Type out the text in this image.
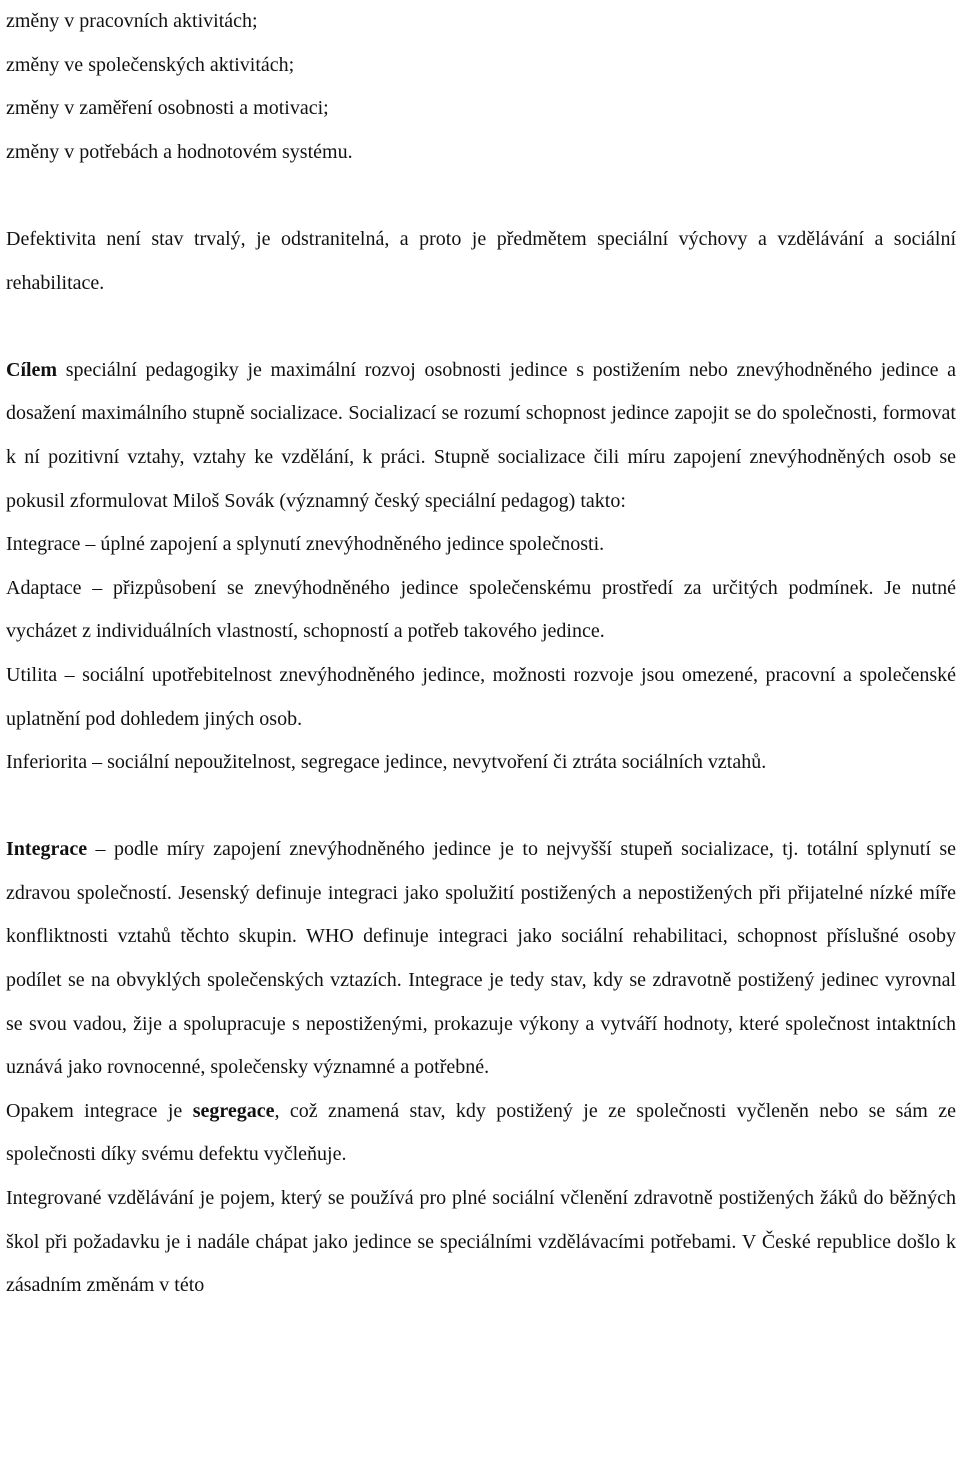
změny v pracovních aktivitách;
změny ve společenských aktivitách;
změny v zaměření osobnosti a motivaci;
změny v potřebách a hodnotovém systému.

Defektivita není stav trvalý, je odstranitelná, a proto je předmětem speciální výchovy a vzdělávání a sociální rehabilitace.

Cílem speciální pedagogiky je maximální rozvoj osobnosti jedince s postižením nebo znevýhodněného jedince a dosažení maximálního stupně socializace. Socializací se rozumí schopnost jedince zapojit se do společnosti, formovat k ní pozitivní vztahy, vztahy ke vzdělání, k práci. Stupně socializace čili míru zapojení znevýhodněných osob se pokusil zformulovat Miloš Sovák (významný český speciální pedagog) takto:

Integrace – úplné zapojení a splynutí znevýhodněného jedince společnosti.

Adaptace – přizpůsobení se znevýhodněného jedince společenskému prostředí za určitých podmínek. Je nutné vycházet z individuálních vlastností, schopností a potřeb takového jedince.

Utilita – sociální upotřebitelnost znevýhodněného jedince, možnosti rozvoje jsou omezené, pracovní a společenské uplatnění pod dohledem jiných osob.

Inferiorita – sociální nepoužitelnost, segregace jedince, nevytvoření či ztráta sociálních vztahů.

Integrace – podle míry zapojení znevýhodněného jedince je to nejvyšší stupeň socializace, tj. totální splynutí se zdravou společností. Jesenský definuje integraci jako spolužití postižených a nepostižených při přijatelné nízké míře konfliktnosti vztahů těchto skupin. WHO definuje integraci jako sociální rehabilitaci, schopnost příslušné osoby podílet se na obvyklých společenských vztazích. Integrace je tedy stav, kdy se zdravotně postižený jedinec vyrovnal se svou vadou, žije a spolupracuje s nepostiženými, prokazuje výkony a vytváří hodnoty, které společnost intaktních uznává jako rovnocenné, společensky významné a potřebné.

Opakem integrace je segregace, což znamená stav, kdy postižený je ze společnosti vyčleněn nebo se sám ze společnosti díky svému defektu vyčleňuje.

Integrované vzdělávání je pojem, který se používá pro plné sociální včlenění zdravotně postižených žáků do běžných škol při požadavku je i nadále chápat jako jedince se speciálními vzdělávacími potřebami. V České republice došlo k zásadním změnám v této
